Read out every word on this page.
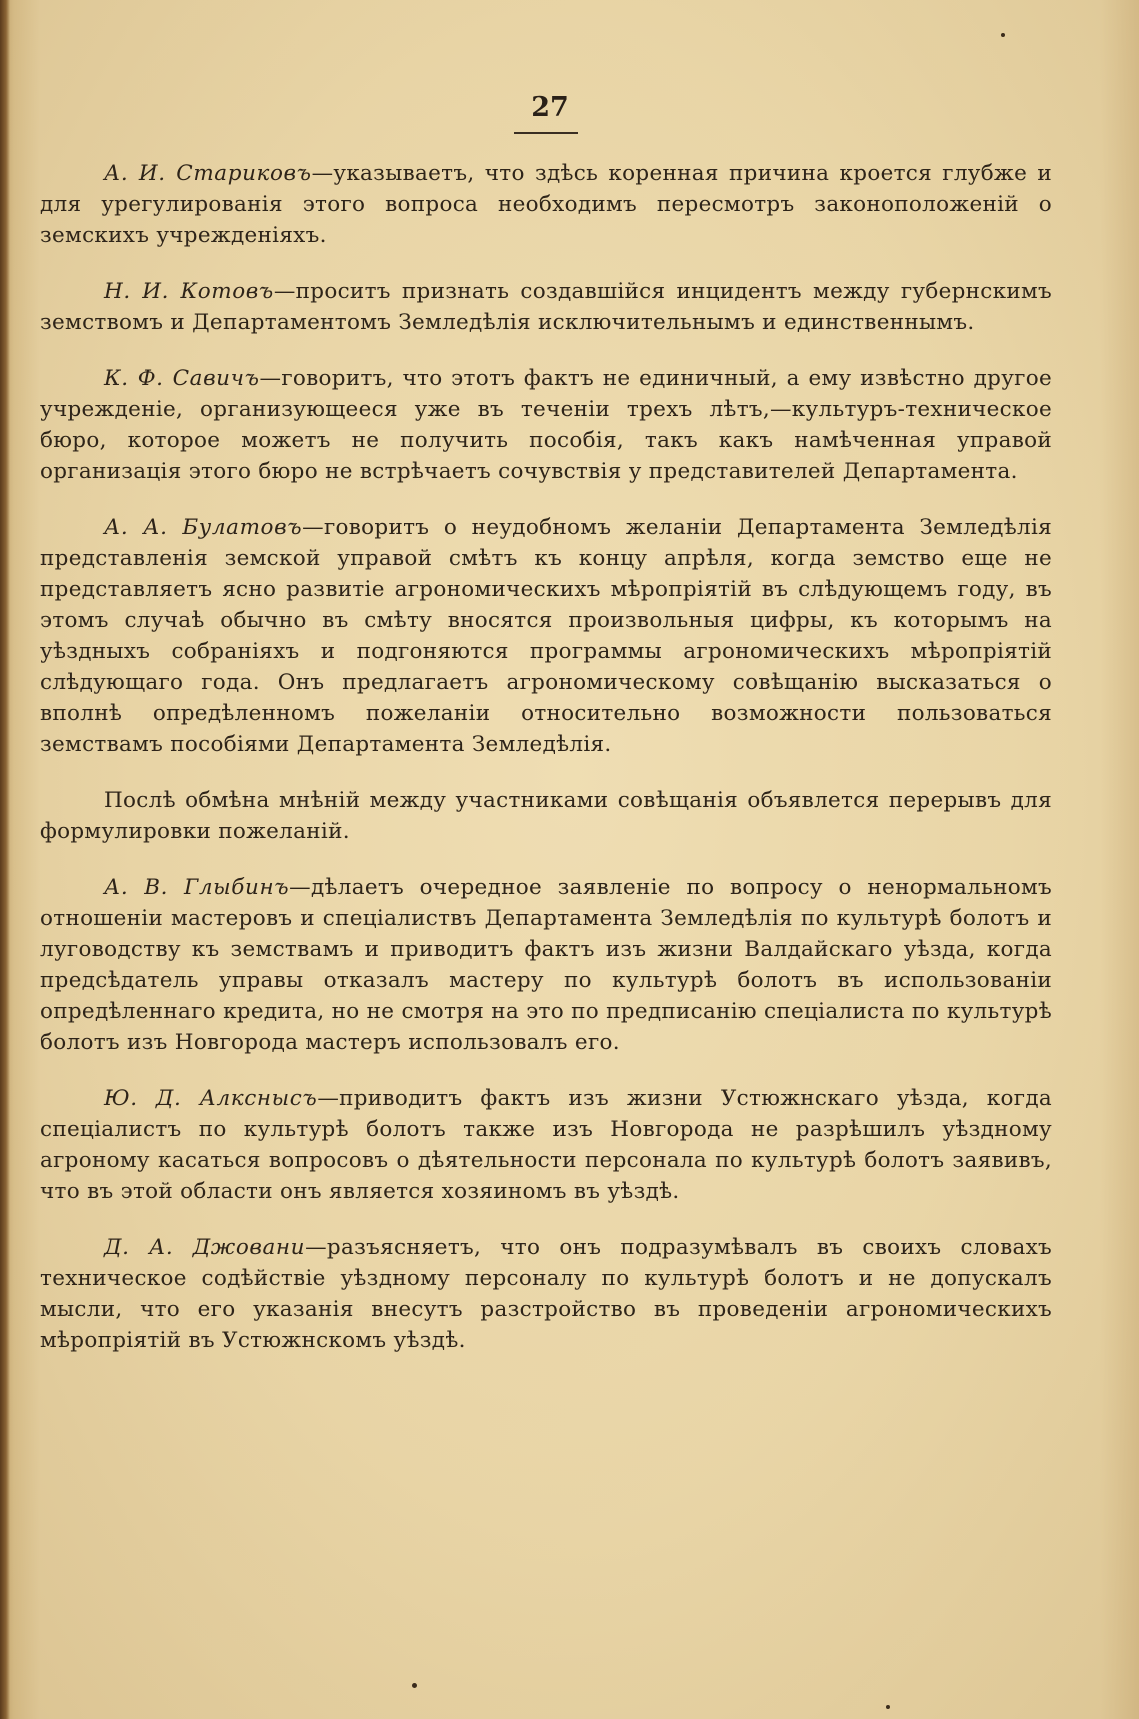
27

А. И. Стариковъ—указываетъ, что здѣсь коренная причина кроется глубже и для урегулированія этого вопроса необходимъ пересмотръ законоположеній о земскихъ учрежденіяхъ.

Н. И. Котовъ—проситъ признать создавшійся инцидентъ между губернскимъ земствомъ и Департаментомъ Земледѣлія исключительнымъ и единственнымъ.

К. Ф. Савичъ—говоритъ, что этотъ фактъ не единичный, а ему извѣстно другое учрежденіе, организующееся уже въ теченіи трехъ лѣтъ,—культуръ-техническое бюро, которое можетъ не получить пособія, такъ какъ намѣченная управой организація этого бюро не встрѣчаетъ сочувствія у представителей Департамента.

А. А. Булатовъ—говоритъ о неудобномъ желаніи Департамента Земледѣлія представленія земской управой смѣтъ къ концу апрѣля, когда земство еще не представляетъ ясно развитіе агрономическихъ мѣропріятій въ слѣдующемъ году, въ этомъ случаѣ обычно въ смѣту вносятся произвольныя цифры, къ которымъ на уѣздныхъ собраніяхъ и подгоняются программы агрономическихъ мѣропріятій слѣдующаго года. Онъ предлагаетъ агрономическому совѣщанію высказаться о вполнѣ опредѣленномъ пожеланіи относительно возможности пользоваться земствамъ пособіями Департамента Земледѣлія.

Послѣ обмѣна мнѣній между участниками совѣщанія объявлется перерывъ для формулировки пожеланій.

А. В. Глыбинъ—дѣлаетъ очередное заявленіе по вопросу о ненормальномъ отношеніи мастеровъ и спеціалиствъ Департамента Земледѣлія по культурѣ болотъ и луговодству къ земствамъ и приводитъ фактъ изъ жизни Валдайскаго уѣзда, когда предсѣдатель управы отказалъ мастеру по культурѣ болотъ въ использованіи опредѣленнаго кредита, но не смотря на это по предписанію спеціалиста по культурѣ болотъ изъ Новгорода мастеръ использовалъ его.

Ю. Д. Алкснысъ—приводитъ фактъ изъ жизни Устюжнскаго уѣзда, когда спеціалистъ по культурѣ болотъ также изъ Новгорода не разрѣшилъ уѣздному агроному касаться вопросовъ о дѣятельности персонала по культурѣ болотъ заявивъ, что въ этой области онъ является хозяиномъ въ уѣздѣ.

Д. А. Джовани—разъясняетъ, что онъ подразумѣвалъ въ своихъ словахъ техническое содѣйствіе уѣздному персоналу по культурѣ болотъ и не допускалъ мысли, что его указанія внесутъ разстройство въ проведеніи агрономическихъ мѣропріятій въ Устюжнскомъ уѣздѣ.
